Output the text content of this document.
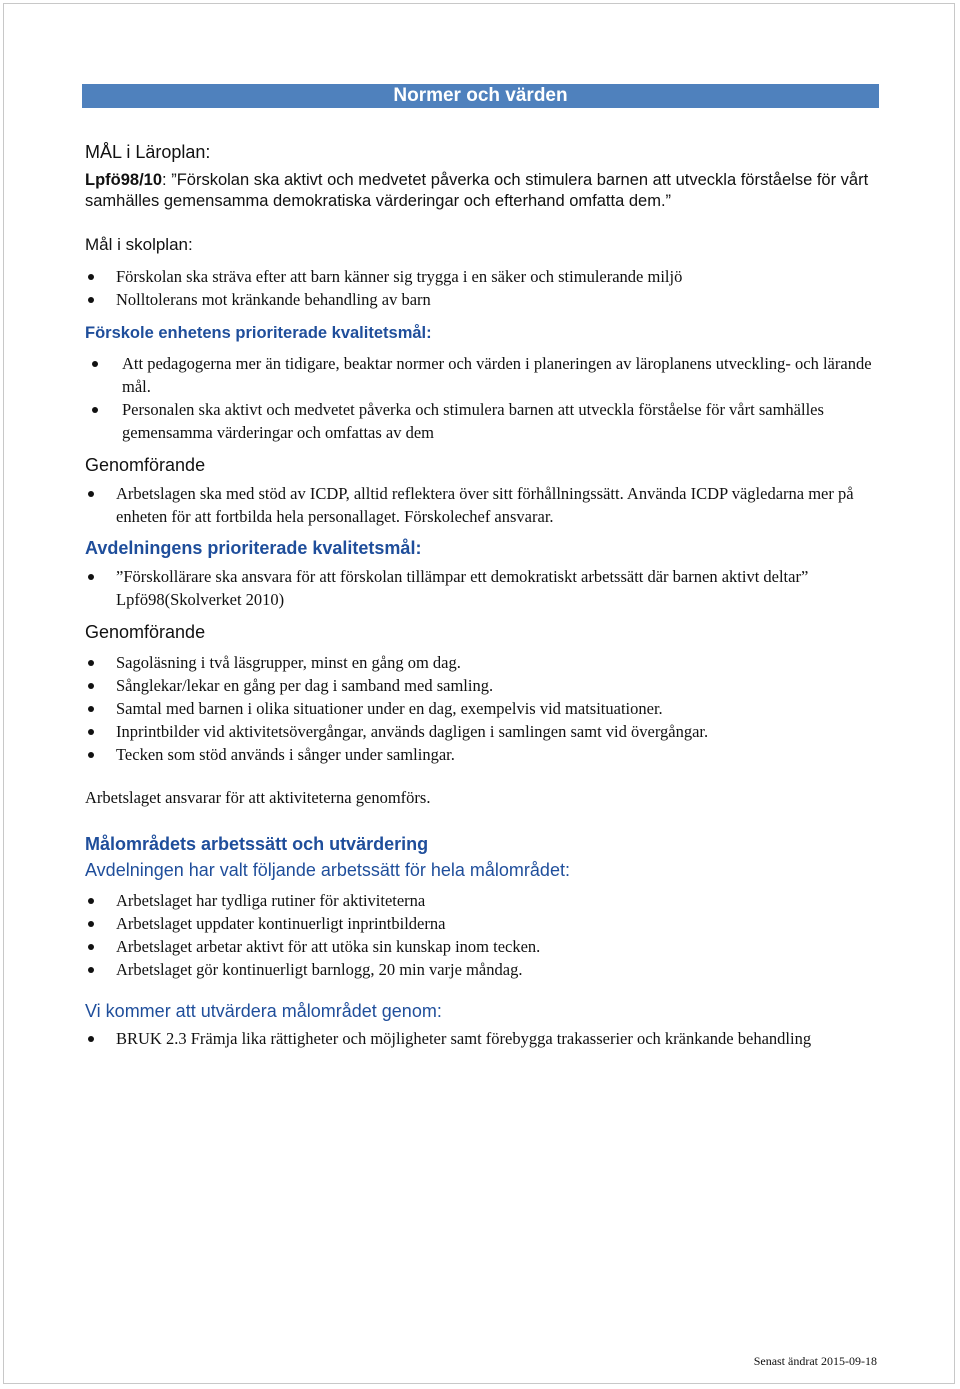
Normer och värden

MÅL i Läroplan:

Lpfö98/10: ”Förskolan ska aktivt och medvetet påverka och stimulera barnen att utveckla förståelse för vårt samhälles gemensamma demokratiska värderingar och efterhand omfatta dem.”

Mål i skolplan:

Förskolan ska sträva efter att barn känner sig trygga i en säker och stimulerande miljö
Nolltolerans mot kränkande behandling av barn

Förskole enhetens prioriterade kvalitetsmål:

Att pedagogerna mer än tidigare, beaktar normer och värden i planeringen av läroplanens utveckling- och lärande mål.
Personalen ska aktivt och medvetet påverka och stimulera barnen att utveckla förståelse för vårt samhälles gemensamma värderingar och omfattas av dem

Genomförande

Arbetslagen ska med stöd av ICDP, alltid reflektera över sitt förhållningssätt. Använda ICDP vägledarna mer på enheten för att fortbilda hela personallaget. Förskolechef ansvarar.

Avdelningens prioriterade kvalitetsmål:

”Förskollärare ska ansvara för att förskolan tillämpar ett demokratiskt arbetssätt där barnen aktivt deltar” Lpfö98(Skolverket 2010)

Genomförande

Sagoläsning i två läsgrupper, minst en gång om dag.
Sånglekar/lekar en gång per dag i samband med samling.
Samtal med barnen i olika situationer under en dag, exempelvis vid matsituationer.
Inprintbilder vid aktivitetsövergångar, används dagligen i samlingen samt vid övergångar.
Tecken som stöd används i sånger under samlingar.

Arbetslaget ansvarar för att aktiviteterna genomförs.

Målområdets arbetssätt och utvärdering

Avdelningen har valt följande arbetssätt för hela målområdet:

Arbetslaget har tydliga rutiner för aktiviteterna
Arbetslaget uppdater kontinuerligt inprintbilderna
Arbetslaget arbetar aktivt för att utöka sin kunskap inom tecken.
Arbetslaget gör kontinuerligt barnlogg, 20 min varje måndag.

Vi kommer att utvärdera målområdet genom:

BRUK 2.3 Främja lika rättigheter och möjligheter samt förebygga trakasserier och kränkande behandling
Senast ändrat 2015-09-18
